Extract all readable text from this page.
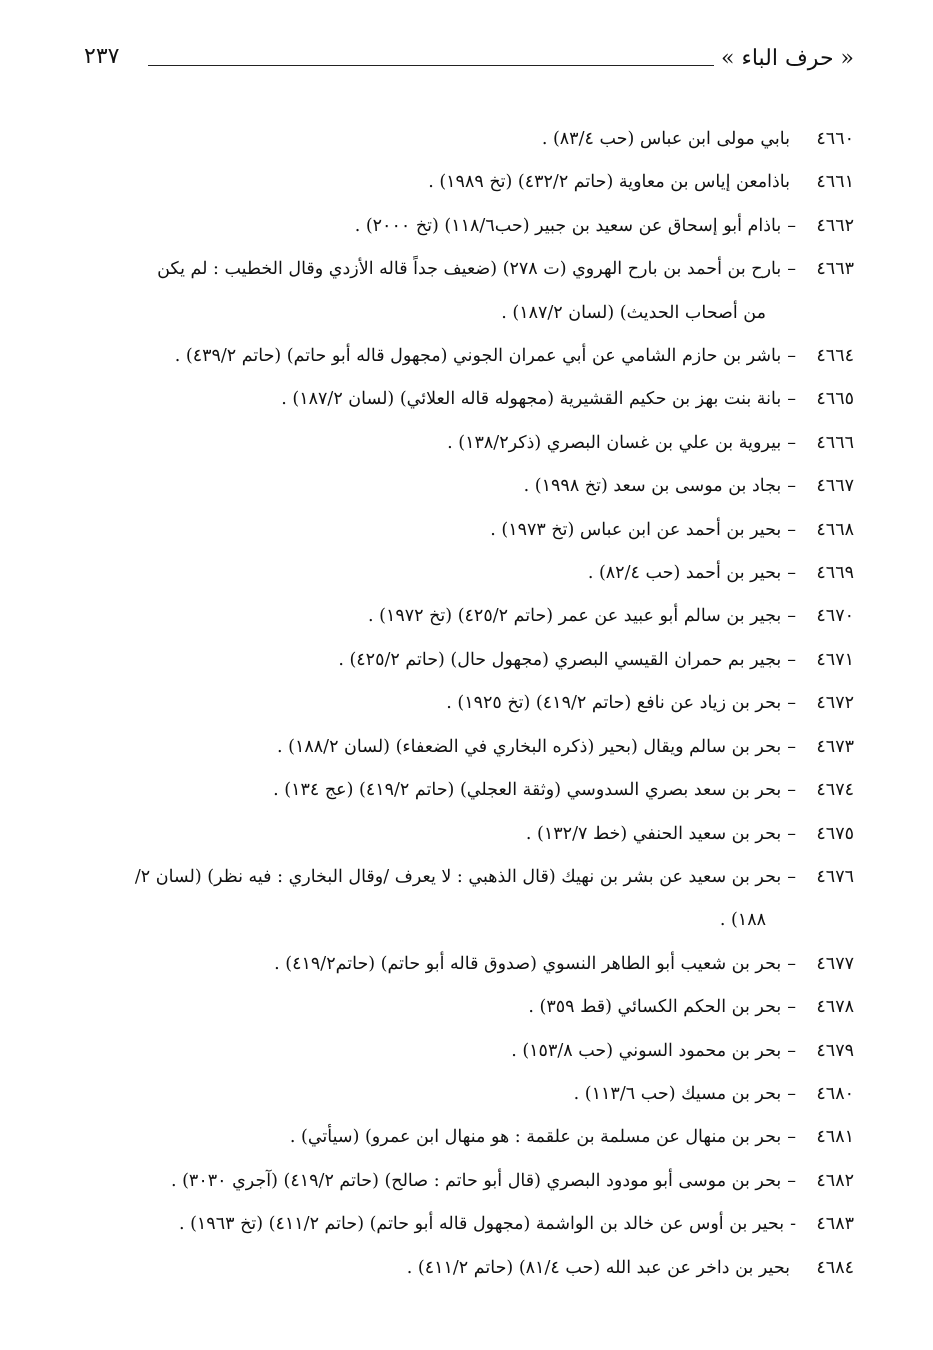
« حرف الباء »
٢٣٧
٤٦٦٠
بابي مولى ابن عباس (حب ٨٣/٤) .
٤٦٦١
باذامعن إياس بن معاوية (حاتم ٤٣٢/٢) (تخ ١٩٨٩) .
٤٦٦٢
–
باذام أبو إسحاق عن سعيد بن جبير (حب١١٨/٦) (تخ ٢٠٠٠) .
٤٦٦٣
–
بارح بن أحمد بن بارح الهروي (ت ٢٧٨) (ضعيف جداً قاله الأزدي وقال الخطيب : لم يكن
من أصحاب الحديث) (لسان ١٨٧/٢) .
٤٦٦٤
–
باشر بن حازم الشامي عن أبي عمران الجوني (مجهول قاله أبو حاتم) (حاتم ٤٣٩/٢) .
٤٦٦٥
–
بانة بنت بهز بن حكيم القشيرية (مجهوله قاله العلائي) (لسان ١٨٧/٢) .
٤٦٦٦
–
بيروية بن علي بن غسان البصري (ذكر١٣٨/٢) .
٤٦٦٧
–
بجاد بن موسى بن سعد (تخ ١٩٩٨) .
٤٦٦٨
–
بحير بن أحمد عن ابن عباس (تخ ١٩٧٣) .
٤٦٦٩
–
بحير بن أحمد (حب ٨٢/٤) .
٤٦٧٠
–
بجير بن سالم أبو عبيد عن عمر (حاتم ٤٢٥/٢) (تخ ١٩٧٢) .
٤٦٧١
–
بجير بم حمران القيسي البصري (مجهول حال) (حاتم ٤٢٥/٢) .
٤٦٧٢
–
بحر بن زياد عن نافع (حاتم ٤١٩/٢) (تخ ١٩٢٥) .
٤٦٧٣
–
بحر بن سالم ويقال (بحير (ذكره البخاري في الضعفاء) (لسان ١٨٨/٢) .
٤٦٧٤
–
بحر بن سعد بصري السدوسي (وثقة العجلي) (حاتم ٤١٩/٢) (عج ١٣٤) .
٤٦٧٥
–
بحر بن سعيد الحنفي (خط ١٣٢/٧) .
٤٦٧٦
–
بحر بن سعيد عن بشر بن نهيك (قال الذهبي : لا يعرف /وقال البخاري : فيه نظر) (لسان ٢/
١٨٨) .
٤٦٧٧
–
بحر بن شعيب أبو الطاهر النسوي (صدوق قاله أبو حاتم) (حاتم٤١٩/٢) .
٤٦٧٨
–
بحر بن الحكم الكسائي (قط ٣٥٩) .
٤٦٧٩
–
بحر بن محمود السوني (حب ١٥٣/٨) .
٤٦٨٠
–
بحر بن مسيك (حب ١١٣/٦) .
٤٦٨١
–
بحر بن منهال عن مسلمة بن علقمة : هو منهال ابن عمرو) (سيأتي) .
٤٦٨٢
–
بحر بن موسى أبو مودود البصري (قال أبو حاتم : صالح) (حاتم ٤١٩/٢) (آجري ٣٠٣٠) .
٤٦٨٣
-
بحير بن أوس عن خالد بن الواشمة (مجهول قاله أبو حاتم) (حاتم ٤١١/٢) (تخ ١٩٦٣) .
٤٦٨٤
بحير بن داخر عن عبد الله (حب ٨١/٤) (حاتم ٤١١/٢) .
